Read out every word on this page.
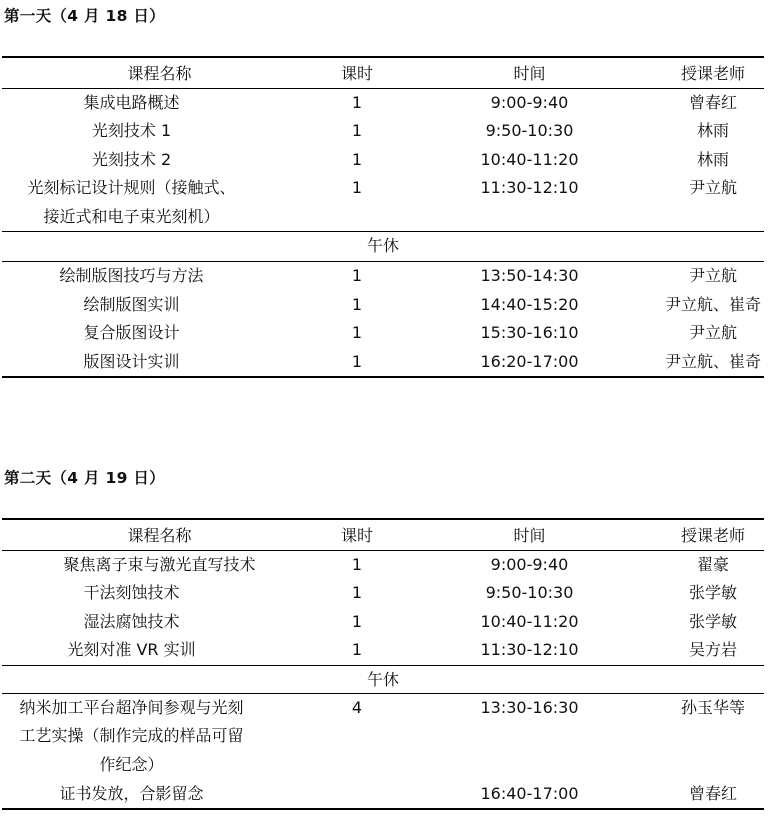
第一天（4 月 18 日）
课程名称	课时	时间	授课老师
集成电路概述	1	9:00-9:40	曾春红
光刻技术 1	1	9:50-10:30	林雨
光刻技术 2	1	10:40-11:20	林雨
光刻标记设计规则（接触式、接近式和电子束光刻机）	1	11:30-12:10	尹立航
午休			
绘制版图技巧与方法	1	13:50-14:30	尹立航
绘制版图实训	1	14:40-15:20	尹立航、崔奇
复合版图设计	1	15:30-16:10	尹立航
版图设计实训	1	16:20-17:00	尹立航、崔奇
第二天（4 月 19 日）
课程名称	课时	时间	授课老师
聚焦离子束与激光直写技术	1	9:00-9:40	翟豪
干法刻蚀技术	1	9:50-10:30	张学敏
湿法腐蚀技术	1	10:40-11:20	张学敏
光刻对准 VR 实训	1	11:30-12:10	吴方岩
午休			
纳米加工平台超净间参观与光刻工艺实操（制作完成的样品可留作纪念）	4	13:30-16:30	孙玉华等
证书发放，合影留念		16:40-17:00	曾春红
